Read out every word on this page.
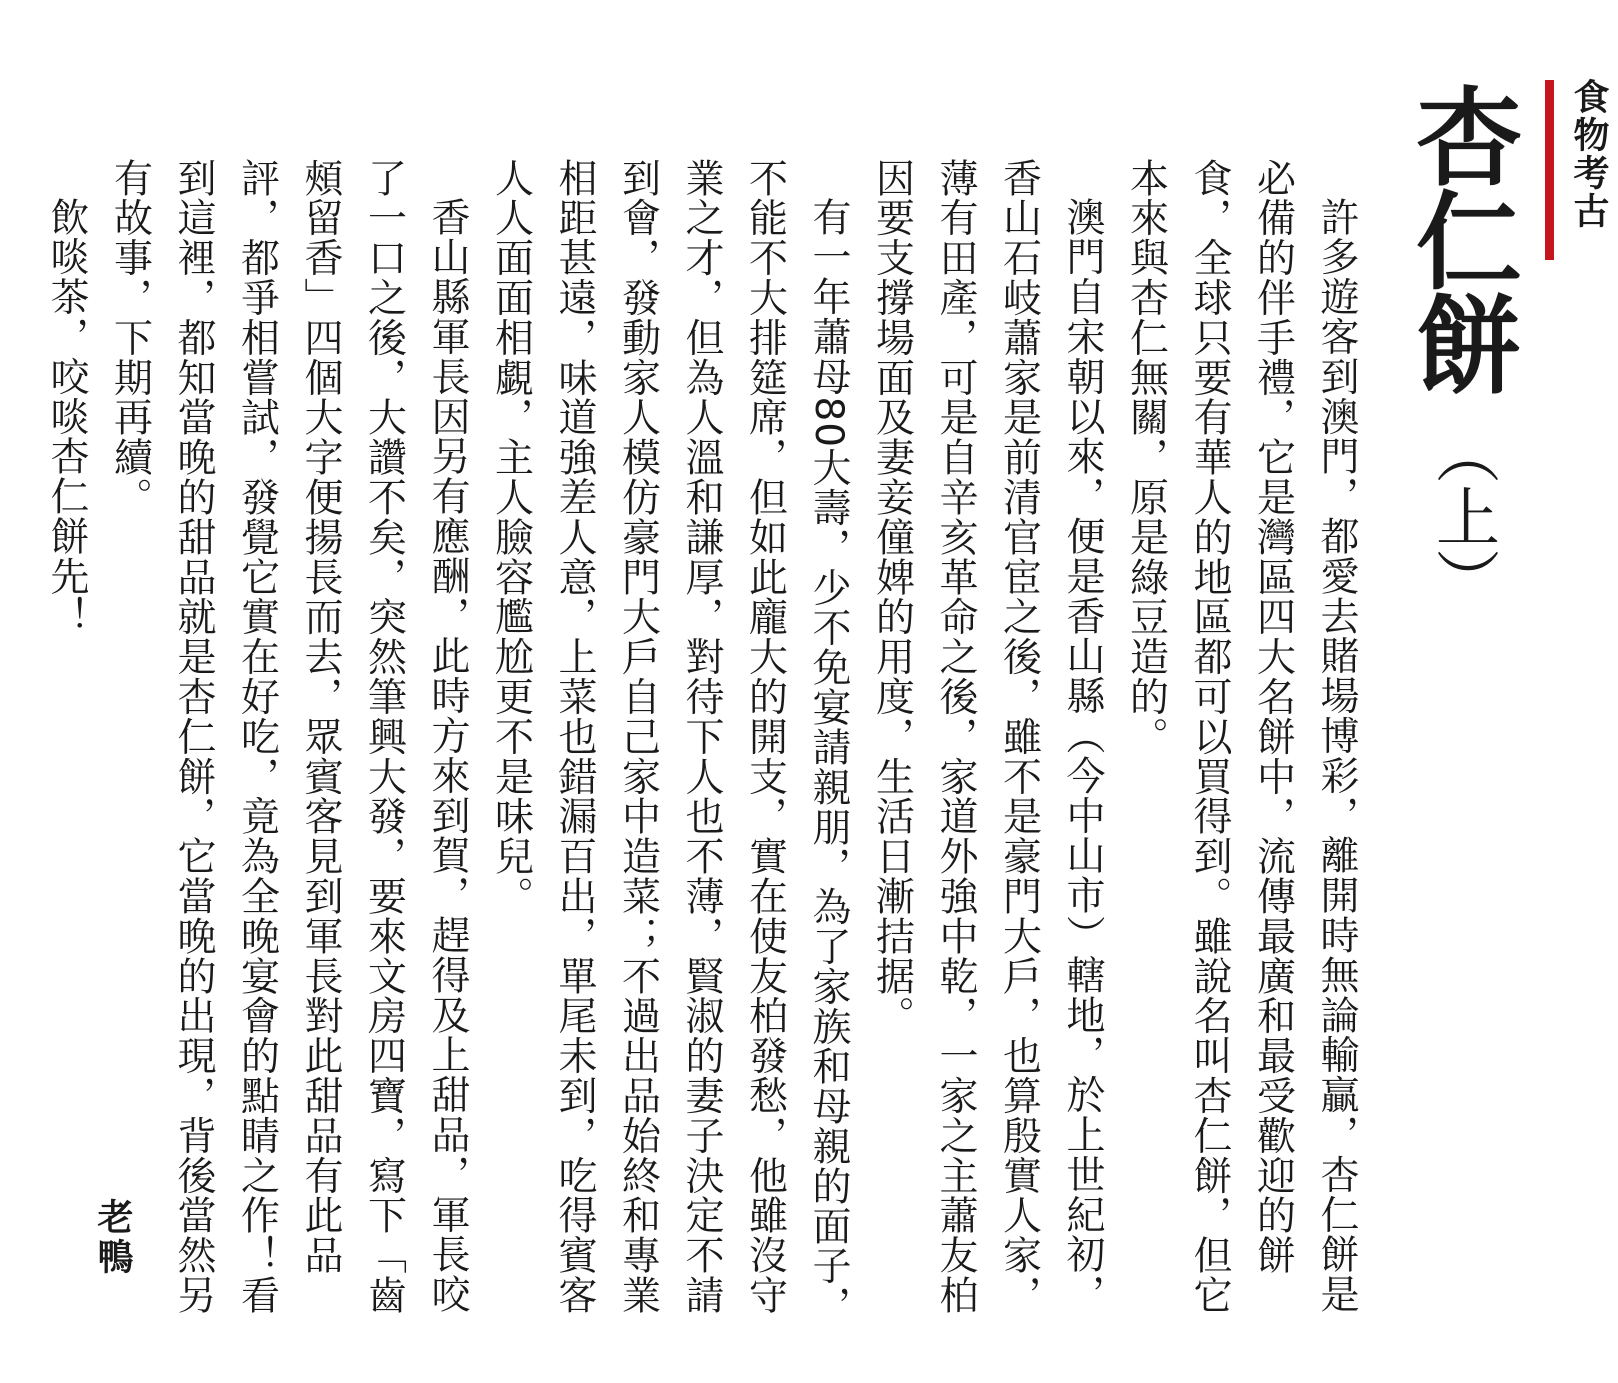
食物考古
杏仁餅
（上）

許多遊客到澳門，都愛去賭場博彩，離開時無論輸贏，杏仁餅是必備的伴手禮，它是灣區四大名餅中，流傳最廣和最受歡迎的餅食，全球只要有華人的地區都可以買得到。雖說名叫杏仁餅，但它本來與杏仁無關，原是綠豆造的。

澳門自宋朝以來，便是香山縣（今中山市）轄地，於上世紀初，香山石岐蕭家是前清官宦之後，雖不是豪門大戶，也算殷實人家，薄有田產，可是自辛亥革命之後，家道外強中乾，一家之主蕭友柏因要支撐場面及妻妾僮婢的用度，生活日漸拮据。

有一年蕭母80大壽，少不免宴請親朋，為了家族和母親的面子，不能不大排筵席，但如此龐大的開支，實在使友柏發愁，他雖沒守業之才，但為人溫和謙厚，對待下人也不薄，賢淑的妻子決定不請到會，發動家人模仿豪門大戶自己家中造菜；不過出品始終和專業相距甚遠，味道強差人意，上菜也錯漏百出，單尾未到，吃得賓客人人面面相覷，主人臉容尷尬更不是味兒。

香山縣軍長因另有應酬，此時方來到賀，趕得及上甜品，軍長咬了一口之後，大讚不矣，突然筆興大發，要來文房四寶，寫下「齒頰留香」四個大字便揚長而去，眾賓客見到軍長對此甜品有此品評，都爭相嘗試，發覺它實在好吃，竟為全晚宴會的點睛之作！看到這裡，都知當晚的甜品就是杏仁餅，它當晚的出現，背後當然另有故事，下期再續。

飲啖茶，咬啖杏仁餅先！

老鴨
